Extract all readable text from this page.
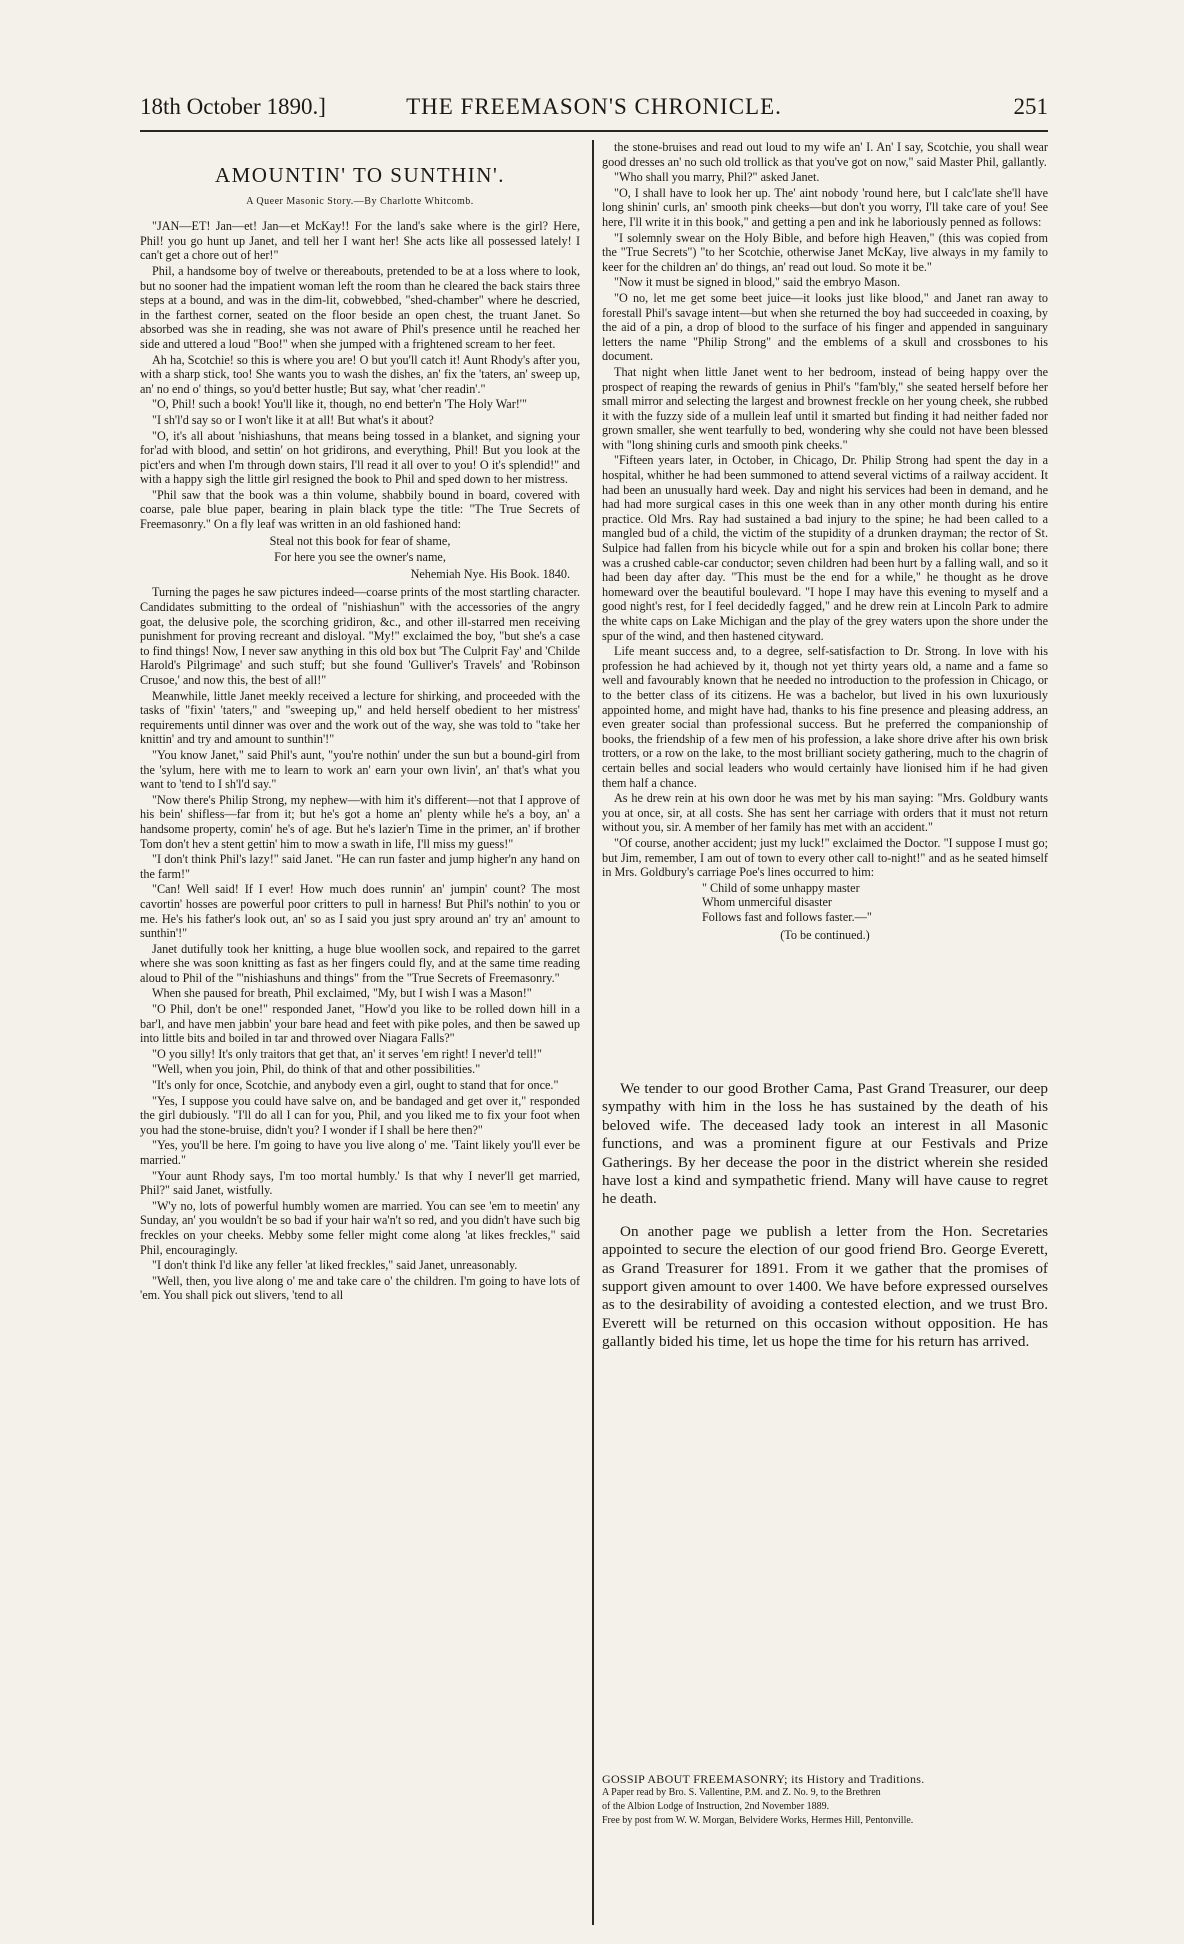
18th October 1890.]	THE FREEMASON'S CHRONICLE.	251
AMOUNTIN' TO SUNTHIN'.
A Queer Masonic Story.—By Charlotte Whitcomb.

"JAN—ET! Jan—et! Jan—et McKay!! For the land's sake where is the girl? Here, Phil! you go hunt up Janet, and tell her I want her! She acts like all possessed lately! I can't get a chore out of her!"

Phil, a handsome boy of twelve or thereabouts, pretended to be at a loss where to look, but no sooner had the impatient woman left the room than he cleared the back stairs three steps at a bound, and was in the dim-lit, cobwebbed, "shed-chamber" where he descried, in the farthest corner, seated on the floor beside an open chest, the truant Janet. So absorbed was she in reading, she was not aware of Phil's presence until he reached her side and uttered a loud "Boo!" when she jumped with a frightened scream to her feet.

Ah ha, Scotchie! so this is where you are! O but you'll catch it! Aunt Rhody's after you, with a sharp stick, too! She wants you to wash the dishes, an' fix the 'taters, an' sweep up, an' no end o' things, so you'd better hustle; But say, what 'cher readin'."

"O, Phil! such a book! You'll like it, though, no end better'n 'The Holy War!'"

"I sh'l'd say so or I won't like it at all! But what's it about?

"O, it's all about 'nishiashuns, that means being tossed in a blanket, and signing your for'ad with blood, and settin' on hot gridirons, and everything, Phil! But you look at the pict'ers and when I'm through down stairs, I'll read it all over to you! O it's splendid!" and with a happy sigh the little girl resigned the book to Phil and sped down to her mistress.

"Phil saw that the book was a thin volume, shabbily bound in board, covered with coarse, pale blue paper, bearing in plain black type the title: "The True Secrets of Freemasonry." On a fly leaf was written in an old fashioned hand:

Steal not this book for fear of shame,

For here you see the owner's name,

Nehemiah Nye. His Book. 1840.

Turning the pages he saw pictures indeed—coarse prints of the most startling character. Candidates submitting to the ordeal of "nishiashun" with the accessories of the angry goat, the delusive pole, the scorching gridiron, &c., and other ill-starred men receiving punishment for proving recreant and disloyal. "My!" exclaimed the boy, "but she's a case to find things! Now, I never saw anything in this old box but 'The Culprit Fay' and 'Childe Harold's Pilgrimage' and such stuff; but she found 'Gulliver's Travels' and 'Robinson Crusoe,' and now this, the best of all!"

Meanwhile, little Janet meekly received a lecture for shirking, and proceeded with the tasks of "fixin' 'taters," and "sweeping up," and held herself obedient to her mistress' requirements until dinner was over and the work out of the way, she was told to "take her knittin' and try and amount to sunthin'!"

"You know Janet," said Phil's aunt, "you're nothin' under the sun but a bound-girl from the 'sylum, here with me to learn to work an' earn your own livin', an' that's what you want to 'tend to I sh'l'd say."

"Now there's Philip Strong, my nephew—with him it's different—not that I approve of his bein' shifless—far from it; but he's got a home an' plenty while he's a boy, an' a handsome property, comin' he's of age. But he's lazier'n Time in the primer, an' if brother Tom don't hev a stent gettin' him to mow a swath in life, I'll miss my guess!"

"I don't think Phil's lazy!" said Janet. "He can run faster and jump higher'n any hand on the farm!"

"Can! Well said! If I ever! How much does runnin' an' jumpin' count? The most cavortin' hosses are powerful poor critters to pull in harness! But Phil's nothin' to you or me. He's his father's look out, an' so as I said you just spry around an' try an' amount to sunthin'!"

Janet dutifully took her knitting, a huge blue woollen sock, and repaired to the garret where she was soon knitting as fast as her fingers could fly, and at the same time reading aloud to Phil of the "'nishiashuns and things" from the "True Secrets of Freemasonry."

When she paused for breath, Phil exclaimed, "My, but I wish I was a Mason!"

"O Phil, don't be one!" responded Janet, "How'd you like to be rolled down hill in a bar'l, and have men jabbin' your bare head and feet with pike poles, and then be sawed up into little bits and boiled in tar and throwed over Niagara Falls?"

"O you silly! It's only traitors that get that, an' it serves 'em right! I never'd tell!"

"Well, when you join, Phil, do think of that and other possibilities."

"It's only for once, Scotchie, and anybody even a girl, ought to stand that for once."

"Yes, I suppose you could have salve on, and be bandaged and get over it," responded the girl dubiously. "I'll do all I can for you, Phil, and you liked me to fix your foot when you had the stone-bruise, didn't you? I wonder if I shall be here then?"

"Yes, you'll be here. I'm going to have you live along o' me. 'Taint likely you'll ever be married."

"Your aunt Rhody says, I'm too mortal humbly.' Is that why I never'll get married, Phil?" said Janet, wistfully.

"W'y no, lots of powerful humbly women are married. You can see 'em to meetin' any Sunday, an' you wouldn't be so bad if your hair wa'n't so red, and you didn't have such big freckles on your cheeks. Mebby some feller might come along 'at likes freckles," said Phil, encouragingly.

"I don't think I'd like any feller 'at liked freckles," said Janet, unreasonably.

"Well, then, you live along o' me and take care o' the children. I'm going to have lots of 'em. You shall pick out slivers, 'tend to all

the stone-bruises and read out loud to my wife an' I. An' I say, Scotchie, you shall wear good dresses an' no such old trollick as that you've got on now," said Master Phil, gallantly.

"Who shall you marry, Phil?" asked Janet.

"O, I shall have to look her up. The' aint nobody 'round here, but I calc'late she'll have long shinin' curls, an' smooth pink cheeks—but don't you worry, I'll take care of you! See here, I'll write it in this book," and getting a pen and ink he laboriously penned as follows:

"I solemnly swear on the Holy Bible, and before high Heaven," (this was copied from the "True Secrets") "to her Scotchie, otherwise Janet McKay, live always in my family to keer for the children an' do things, an' read out loud. So mote it be."

"Now it must be signed in blood," said the embryo Mason.

"O no, let me get some beet juice—it looks just like blood," and Janet ran away to forestall Phil's savage intent—but when she returned the boy had succeeded in coaxing, by the aid of a pin, a drop of blood to the surface of his finger and appended in sanguinary letters the name "Philip Strong" and the emblems of a skull and crossbones to his document.

That night when little Janet went to her bedroom, instead of being happy over the prospect of reaping the rewards of genius in Phil's "fam'bly," she seated herself before her small mirror and selecting the largest and brownest freckle on her young cheek, she rubbed it with the fuzzy side of a mullein leaf until it smarted but finding it had neither faded nor grown smaller, she went tearfully to bed, wondering why she could not have been blessed with "long shining curls and smooth pink cheeks."

"Fifteen years later, in October, in Chicago, Dr. Philip Strong had spent the day in a hospital, whither he had been summoned to attend several victims of a railway accident. It had been an unusually hard week. Day and night his services had been in demand, and he had had more surgical cases in this one week than in any other month during his entire practice. Old Mrs. Ray had sustained a bad injury to the spine; he had been called to a mangled bud of a child, the victim of the stupidity of a drunken drayman; the rector of St. Sulpice had fallen from his bicycle while out for a spin and broken his collar bone; there was a crushed cable-car conductor; seven children had been hurt by a falling wall, and so it had been day after day. "This must be the end for a while," he thought as he drove homeward over the beautiful boulevard. "I hope I may have this evening to myself and a good night's rest, for I feel decidedly fagged," and he drew rein at Lincoln Park to admire the white caps on Lake Michigan and the play of the grey waters upon the shore under the spur of the wind, and then hastened cityward.

Life meant success and, to a degree, self-satisfaction to Dr. Strong. In love with his profession he had achieved by it, though not yet thirty years old, a name and a fame so well and favourably known that he needed no introduction to the profession in Chicago, or to the better class of its citizens. He was a bachelor, but lived in his own luxuriously appointed home, and might have had, thanks to his fine presence and pleasing address, an even greater social than professional success. But he preferred the companionship of books, the friendship of a few men of his profession, a lake shore drive after his own brisk trotters, or a row on the lake, to the most brilliant society gathering, much to the chagrin of certain belles and social leaders who would certainly have lionised him if he had given them half a chance.

As he drew rein at his own door he was met by his man saying: "Mrs. Goldbury wants you at once, sir, at all costs. She has sent her carriage with orders that it must not return without you, sir. A member of her family has met with an accident."

"Of course, another accident; just my luck!" exclaimed the Doctor. "I suppose I must go; but Jim, remember, I am out of town to every other call to-night!" and as he seated himself in Mrs. Goldbury's carriage Poe's lines occurred to him:

" Child of some unhappy master

Whom unmerciful disaster

Follows fast and follows faster.—"

(To be continued.)

We tender to our good Brother Cama, Past Grand Treasurer, our deep sympathy with him in the loss he has sustained by the death of his beloved wife. The deceased lady took an interest in all Masonic functions, and was a prominent figure at our Festivals and Prize Gatherings. By her decease the poor in the district wherein she resided have lost a kind and sympathetic friend. Many will have cause to regret he death.

On another page we publish a letter from the Hon. Secretaries appointed to secure the election of our good friend Bro. George Everett, as Grand Treasurer for 1891. From it we gather that the promises of support given amount to over 1400. We have before expressed ourselves as to the desirability of avoiding a contested election, and we trust Bro. Everett will be returned on this occasion without opposition. He has gallantly bided his time, let us hope the time for his return has arrived.

GOSSIP ABOUT FREEMASONRY; its History and Traditions.

A Paper read by Bro. S. Vallentine, P.M. and Z. No. 9, to the Brethren

of the Albion Lodge of Instruction, 2nd November 1889.

Free by post from W. W. Morgan, Belvidere Works, Hermes Hill, Pentonville.
